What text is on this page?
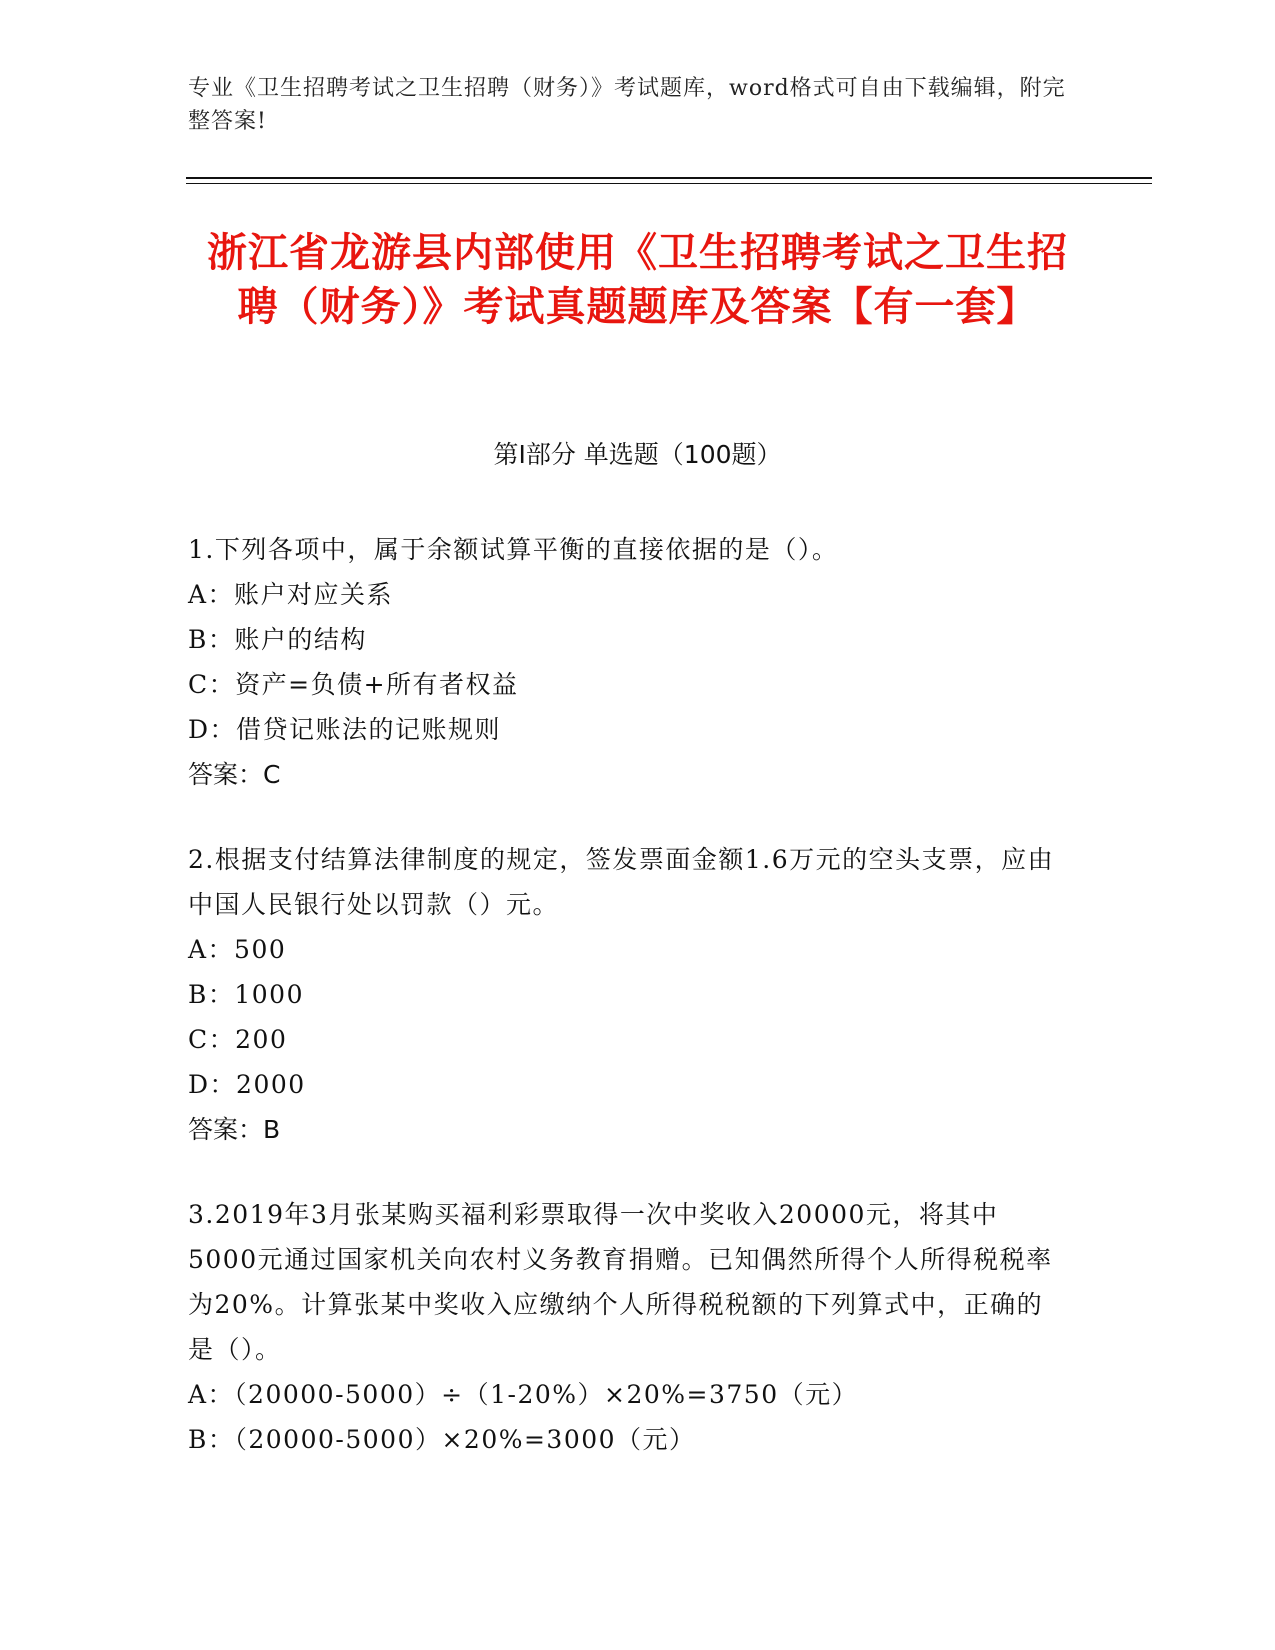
专业《卫生招聘考试之卫生招聘（财务）》考试题库，word格式可自由下载编辑，附完整答案!
浙江省龙游县内部使用《卫生招聘考试之卫生招聘（财务）》考试真题题库及答案【有一套】
第I部分 单选题（100题）

1.下列各项中，属于余额试算平衡的直接依据的是（）。

A：账户对应关系

B：账户的结构

C：资产=负债+所有者权益

D：借贷记账法的记账规则

答案：C

2.根据支付结算法律制度的规定，签发票面金额1.6万元的空头支票，应由中国人民银行处以罚款（）元。

A：500

B：1000

C：200

D：2000

答案：B

3.2019年3月张某购买福利彩票取得一次中奖收入20000元，将其中5000元通过国家机关向农村义务教育捐赠。已知偶然所得个人所得税税率为20%。计算张某中奖收入应缴纳个人所得税税额的下列算式中，正确的是（）。

A：（20000-5000）÷（1-20%）×20%=3750（元）

B：（20000-5000）×20%=3000（元）
